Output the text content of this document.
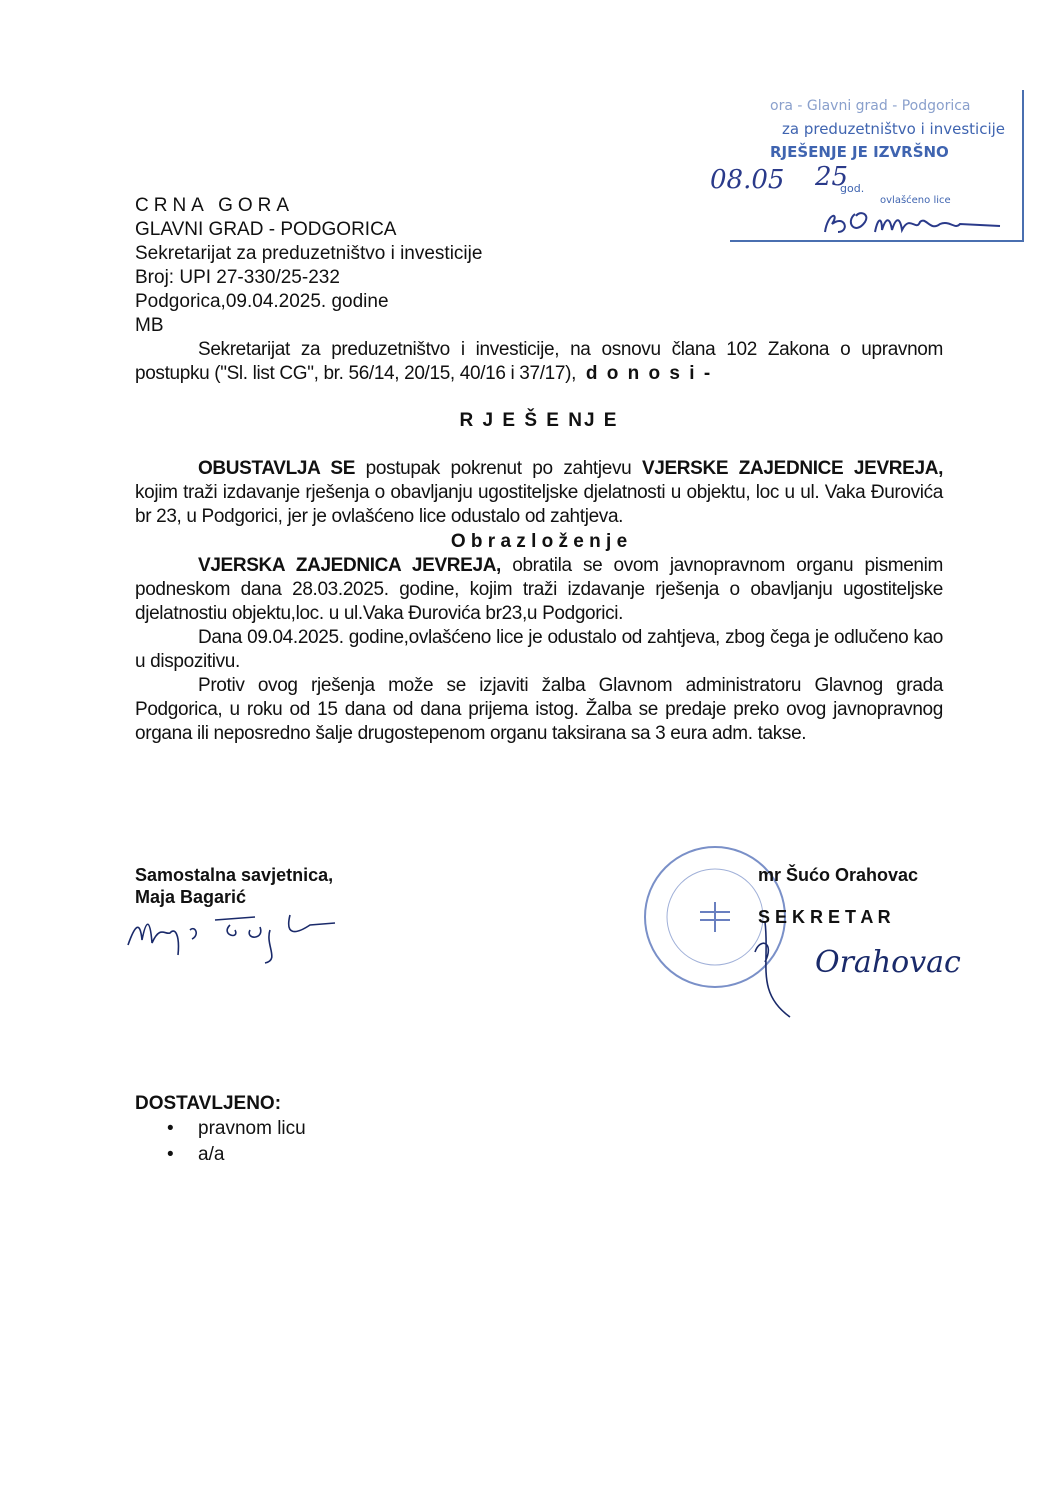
ora - Glavni grad - Podgorica
za preduzetništvo i investicije
RJEŠENJE JE IZVRŠNO
08.05 25
god.
ovlašćeno lice
CRNA GORA
GLAVNI GRAD - PODGORICA
Sekretarijat za preduzetništvo i investicije
Broj: UPI 27-330/25-232
Podgorica,09.04.2025. godine
MB
Sekretarijat za preduzetništvo i investicije, na osnovu člana 102 Zakona o upravnom postupku ("Sl. list CG", br. 56/14, 20/15, 40/16 i 37/17), d o n o s i -
R J E Š E NJ E
OBUSTAVLJA SE postupak pokrenut po zahtjevu VJERSKE ZAJEDNICE JEVREJA, kojim traži izdavanje rješenja o obavljanju ugostiteljske djelatnosti u objektu, loc u ul. Vaka Đurovića br 23, u Podgorici, jer je ovlašćeno lice odustalo od zahtjeva.
O b r a z l o ž e n j e
VJERSKA ZAJEDNICA JEVREJA, obratila se ovom javnopravnom organu pismenim podneskom dana 28.03.2025. godine, kojim traži izdavanje rješenja o obavljanju ugostiteljske djelatnostiu objektu,loc. u ul.Vaka Đurovića br23,u Podgorici.
Dana 09.04.2025. godine,ovlašćeno lice je odustalo od zahtjeva, zbog čega je odlučeno kao u dispozitivu.
Protiv ovog rješenja može se izjaviti žalba Glavnom administratoru Glavnog grada Podgorica, u roku od 15 dana od dana prijema istog. Žalba se predaje preko ovog javnopravnog organa ili neposredno šalje drugostepenom organu taksirana sa 3 eura adm. takse.
Samostalna savjetnica,
Maja Bagarić
Orahovac
mr Šućo Orahovac
S E K R E T A R
DOSTAVLJENO:
• pravnom licu
• a/a
